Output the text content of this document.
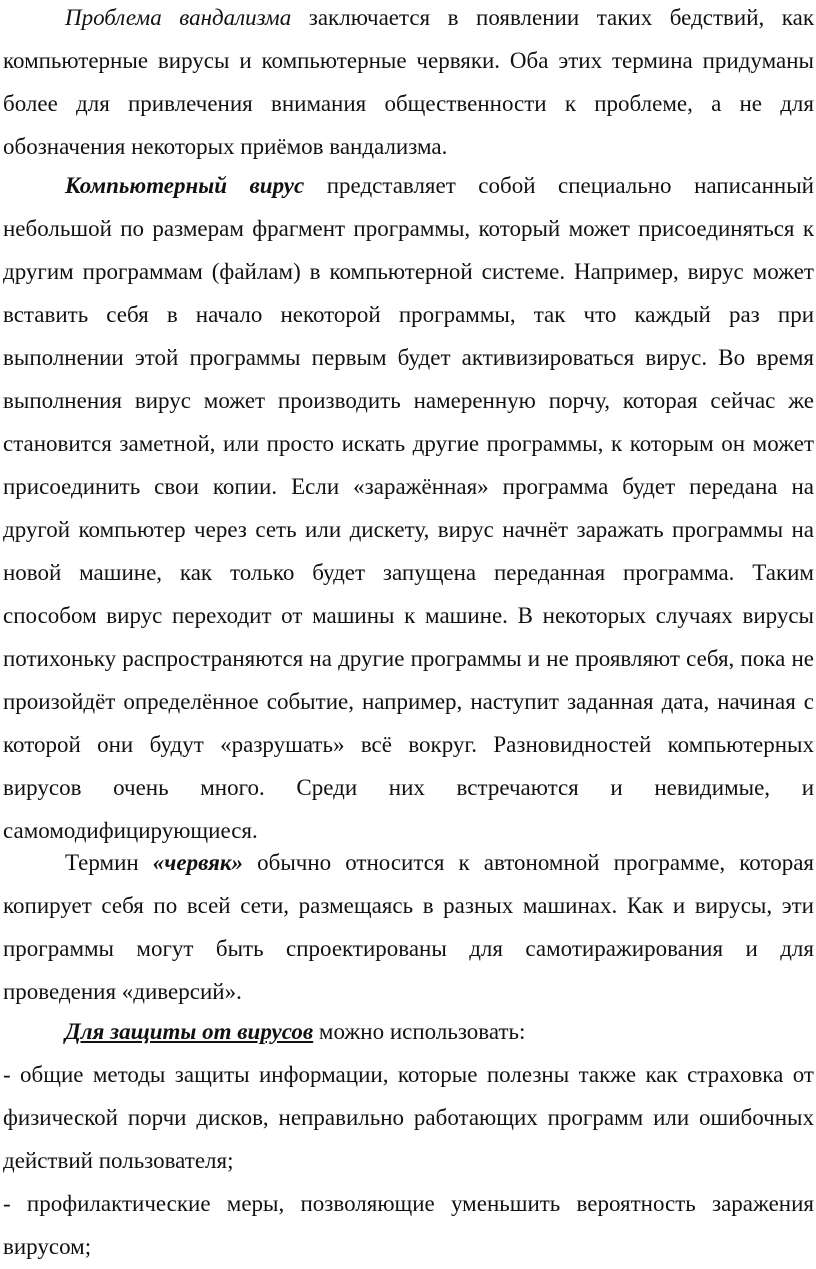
Проблема вандализма заключается в появлении таких бедствий, как компьютерные вирусы и компьютерные червяки. Оба этих термина придуманы более для привлечения внимания общественности к проблеме, а не для обозначения некоторых приёмов вандализма.

Компьютерный вирус представляет собой специально написанный небольшой по размерам фрагмент программы, который может присоединяться к другим программам (файлам) в компьютерной системе. Например, вирус может вставить себя в начало некоторой программы, так что каждый раз при выполнении этой программы первым будет активизироваться вирус. Во время выполнения вирус может производить намеренную порчу, которая сейчас же становится заметной, или просто искать другие программы, к которым он может присоединить свои копии. Если «заражённая» программа будет передана на другой компьютер через сеть или дискету, вирус начнёт заражать программы на новой машине, как только будет запущена переданная программа. Таким способом вирус переходит от машины к машине. В некоторых случаях вирусы потихоньку распространяются на другие программы и не проявляют себя, пока не произойдёт определённое событие, например, наступит заданная дата, начиная с которой они будут «разрушать» всё вокруг. Разновидностей компьютерных вирусов очень много. Среди них встречаются и невидимые, и самомодифицирующиеся.

Термин «червяк» обычно относится к автономной программе, которая копирует себя по всей сети, размещаясь в разных машинах. Как и вирусы, эти программы могут быть спроектированы для самотиражирования и для проведения «диверсий».

Для защиты от вирусов можно использовать:

- общие методы защиты информации, которые полезны также как страховка от физической порчи дисков, неправильно работающих программ или ошибочных действий пользователя;

- профилактические меры, позволяющие уменьшить вероятность заражения вирусом;
